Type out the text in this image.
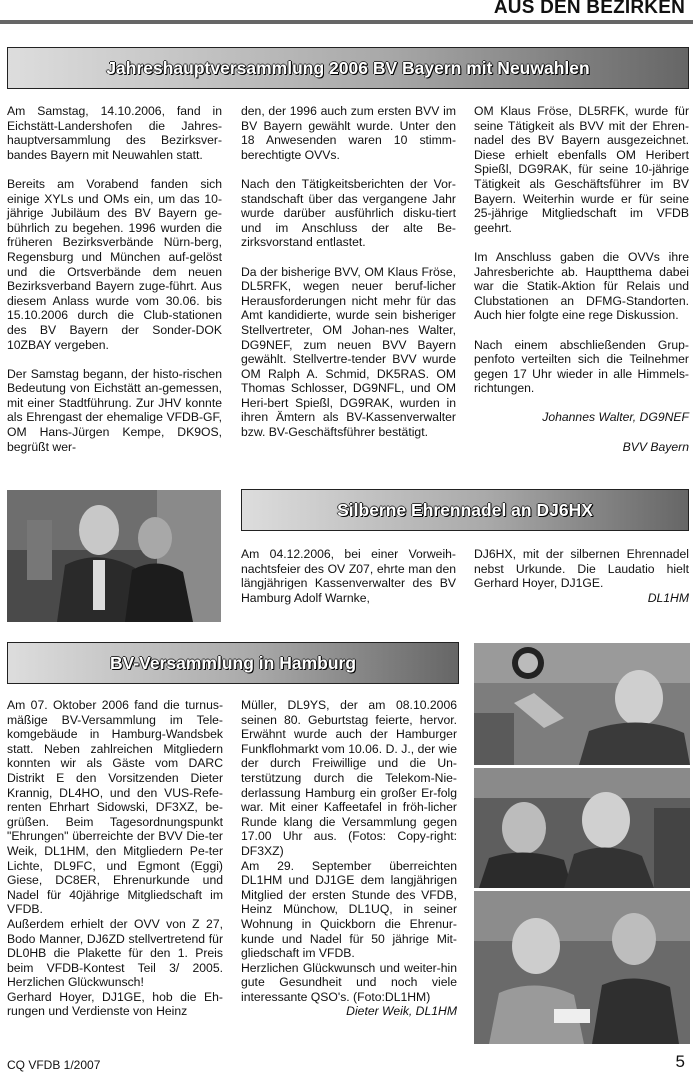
AUS DEN BEZIRKEN
Jahreshauptversammlung 2006 BV Bayern mit Neuwahlen

Am Samstag, 14.10.2006, fand in Eichstätt-Landershofen die Jahres-hauptversammlung des Bezirksver-bandes Bayern mit Neuwahlen statt.

Bereits am Vorabend fanden sich einige XYLs und OMs ein, um das 10-jährige Jubiläum des BV Bayern ge-bührlich zu begehen. 1996 wurden die früheren Bezirksverbände Nürn-berg, Regensburg und München auf-gelöst und die Ortsverbände dem neuen Bezirksverband Bayern zuge-führt. Aus diesem Anlass wurde vom 30.06. bis 15.10.2006 durch die Club-stationen des BV Bayern der Sonder-DOK 10ZBAY vergeben.

Der Samstag begann, der histo-rischen Bedeutung von Eichstätt an-gemessen, mit einer Stadtführung. Zur JHV konnte als Ehrengast der ehemalige VFDB-GF, OM Hans-Jürgen Kempe, DK9OS, begrüßt wer-

den, der 1996 auch zum ersten BVV im BV Bayern gewählt wurde. Unter den 18 Anwesenden waren 10 stimm-berechtigte OVVs.

Nach den Tätigkeitsberichten der Vor-standschaft über das vergangene Jahr wurde darüber ausführlich disku-tiert und im Anschluss der alte Be-zirksvorstand entlastet.

Da der bisherige BVV, OM Klaus Fröse, DL5RFK, wegen neuer beruf-licher Herausforderungen nicht mehr für das Amt kandidierte, wurde sein bisheriger Stellvertreter, OM Johan-nes Walter, DG9NEF, zum neuen BVV Bayern gewählt. Stellvertre-tender BVV wurde OM Ralph A. Schmid, DK5RAS. OM Thomas Schlosser, DG9NFL, und OM Heri-bert Spießl, DG9RAK, wurden in ihren Ämtern als BV-Kassenverwalter bzw. BV-Geschäftsführer bestätigt.

OM Klaus Fröse, DL5RFK, wurde für seine Tätigkeit als BVV mit der Ehren-nadel des BV Bayern ausgezeichnet. Diese erhielt ebenfalls OM Heribert Spießl, DG9RAK, für seine 10-jährige Tätigkeit als Geschäftsführer im BV Bayern. Weiterhin wurde er für seine 25-jährige Mitgliedschaft im VFDB geehrt.

Im Anschluss gaben die OVVs ihre Jahresberichte ab. Hauptthema dabei war die Statik-Aktion für Relais und Clubstationen an DFMG-Standorten. Auch hier folgte eine rege Diskussion.

Nach einem abschließenden Grup-penfoto verteilten sich die Teilnehmer gegen 17 Uhr wieder in alle Himmels-richtungen.

Johannes Walter, DG9NEF

BVV Bayern

Silberne Ehrennadel an DJ6HX

Am 04.12.2006, bei einer Vorweih-nachtsfeier des OV Z07, ehrte man den längjährigen Kassenverwalter des BV Hamburg Adolf Warnke,

DJ6HX, mit der silbernen Ehrennadel nebst Urkunde. Die Laudatio hielt Gerhard Hoyer, DJ1GE.

DL1HM

BV-Versammlung in Hamburg

Am 07. Oktober 2006 fand die turnus-mäßige BV-Versammlung im Tele-komgebäude in Hamburg-Wandsbek statt. Neben zahlreichen Mitgliedern konnten wir als Gäste vom DARC Distrikt E den Vorsitzenden Dieter Krannig, DL4HO, und den VUS-Refe-renten Ehrhart Sidowski, DF3XZ, be-grüßen. Beim Tagesordnungspunkt "Ehrungen" überreichte der BVV Die-ter Weik, DL1HM, den Mitgliedern Pe-ter Lichte, DL9FC, und Egmont (Eggi) Giese, DC8ER, Ehrenurkunde und Nadel für 40jährige Mitgliedschaft im VFDB.

Außerdem erhielt der OVV von Z 27, Bodo Manner, DJ6ZD stellvertretend für DL0HB die Plakette für den 1. Preis beim VFDB-Kontest Teil 3/ 2005. Herzlichen Glückwunsch!

Gerhard Hoyer, DJ1GE, hob die Eh-rungen und Verdienste von Heinz

Müller, DL9YS, der am 08.10.2006 seinen 80. Geburtstag feierte, hervor. Erwähnt wurde auch der Hamburger Funkflohmarkt vom 10.06. D. J., der wie der durch Freiwillige und die Un-terstützung durch die Telekom-Nie-derlassung Hamburg ein großer Er-folg war. Mit einer Kaffeetafel in fröh-licher Runde klang die Versammlung gegen 17.00 Uhr aus. (Fotos: Copy-right: DF3XZ)

Am 29. September überreichten DL1HM und DJ1GE dem langjährigen Mitglied der ersten Stunde des VFDB, Heinz Münchow, DL1UQ, in seiner Wohnung in Quickborn die Ehrenur-kunde und Nadel für 50 jährige Mit-gliedschaft im VFDB.

Herzlichen Glückwunsch und weiter-hin gute Gesundheit und noch viele interessante QSO's. (Foto:DL1HM)

Dieter Weik, DL1HM

CQ VFDB 1/2007	5
